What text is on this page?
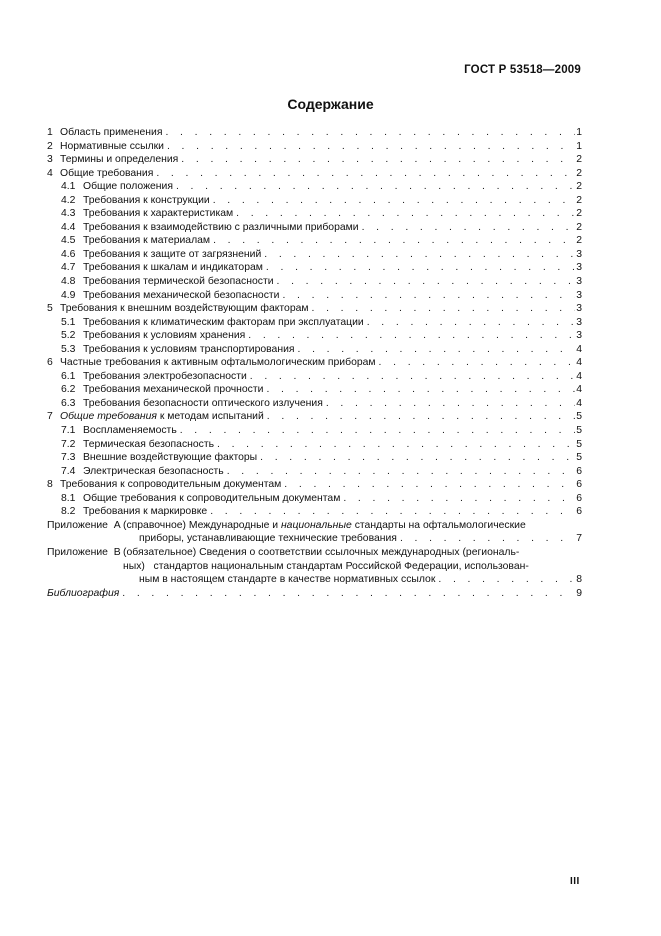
ГОСТ Р 53518—2009
Содержание
1 Область применения . . .	1
2 Нормативные ссылки . . .	1
3 Термины и определения . . .	2
4 Общие требования . . .	2
4.1 Общие положения . . .	2
4.2 Требования к конструкции . . .	2
4.3 Требования к характеристикам . . .	2
4.4 Требования к взаимодействию с различными приборами . . .	2
4.5 Требования к материалам . . .	2
4.6 Требования к защите от загрязнений . . .	3
4.7 Требования к шкалам и индикаторам . . .	3
4.8 Требования термической безопасности . . .	3
4.9 Требования механической безопасности . . .	3
5 Требования к внешним воздействующим факторам . . .	3
5.1 Требования к климатическим факторам при эксплуатации . . .	3
5.2 Требования к условиям хранения . . .	3
5.3 Требования к условиям транспортирования . . .	4
6 Частные требования к активным офтальмологическим приборам . . .	4
6.1 Требования электробезопасности . . .	4
6.2 Требования механической прочности . . .	4
6.3 Требования безопасности оптического излучения . . .	4
7 Общие требования к методам испытаний . . .	5
7.1 Воспламеняемость . . .	5
7.2 Термическая безопасность . . .	5
7.3 Внешние воздействующие факторы . . .	5
7.4 Электрическая безопасность . . .	6
8 Требования к сопроводительным документам . . .	6
8.1 Общие требования к сопроводительным документам . . .	6
8.2 Требования к маркировке . . .	6
Приложение  А (справочное) Международные и национальные стандарты на офтальмологические
приборы, устанавливающие технические требования . . .	7
Приложение  В (обязательное) Сведения о соответствии ссылочных международных (региональ-
ных)   стандартов национальным стандартам Российской Федерации, использован-
ным в настоящем стандарте в качестве нормативных ссылок . . .	8
Библиография . . .	9
III
